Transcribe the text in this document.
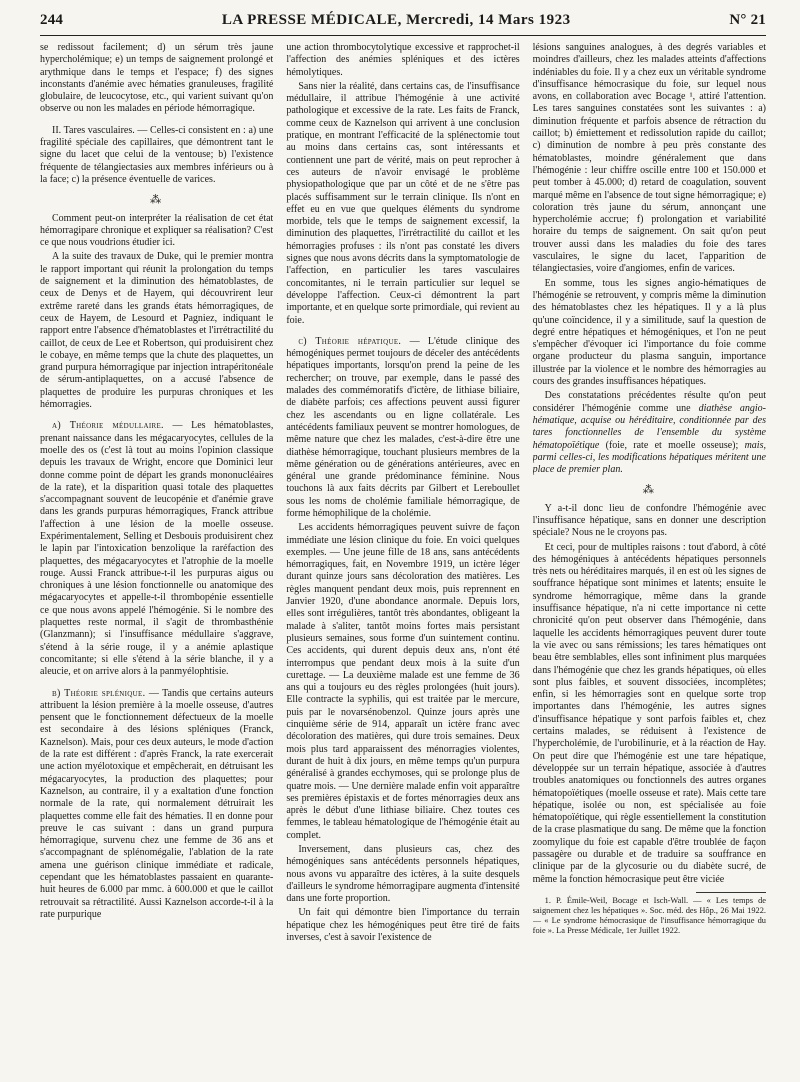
244	LA PRESSE MÉDICALE, Mercredi, 14 Mars 1923	N° 21

se redissout facilement; d) un sérum très jaune hypercholémique; e) un temps de saignement prolongé et arythmique dans le temps et l'espace; f) des signes inconstants d'anémie avec hématies granuleuses, fragilité globulaire, de leucocytose, etc., qui varient suivant qu'on observe ou non les malades en période hémorragique.

II. Tares vasculaires. — Celles-ci consistent en : a) une fragilité spéciale des capillaires, que démontrent tant le signe du lacet que celui de la ventouse; b) l'existence fréquente de télangiectasies aux membres inférieurs ou à la face; c) la présence éventuelle de varices.

⁂

Comment peut-on interpréter la réalisation de cet état hémorragipare chronique et expliquer sa réalisation? C'est ce que nous voudrions étudier ici.

A la suite des travaux de Duke, qui le premier montra le rapport important qui réunit la prolongation du temps de saignement et la diminution des hématoblastes, de ceux de Denys et de Hayem, qui découvrirent leur extrême rareté dans les grands états hémorragiques, de ceux de Hayem, de Lesourd et Pagniez, indiquant le rapport entre l'absence d'hématoblastes et l'irrétractilité du caillot, de ceux de Lee et Robertson, qui produisirent chez le cobaye, en même temps que la chute des plaquettes, un grand purpura hémorragique par injection intrapéritonéale de sérum-antiplaquettes, on a accusé l'absence de plaquettes de produire les purpuras chroniques et les hémorragies.

a) Théorie médullaire. — Les hématoblastes, prenant naissance dans les mégacaryocytes, cellules de la moelle des os (c'est là tout au moins l'opinion classique depuis les travaux de Wright, encore que Dominici leur donne comme point de départ les grands mononucléaires de la rate), et la disparition quasi totale des plaquettes s'accompagnant souvent de leucopénie et d'anémie grave dans les grands purpuras hémorragiques, Franck attribue l'affection à une lésion de la moelle osseuse. Expérimentalement, Selling et Desbouis produisirent chez le lapin par l'intoxication benzolique la raréfaction des plaquettes, des mégacaryocytes et l'atrophie de la moelle rouge. Aussi Franck attribue-t-il les purpuras aigus ou chroniques à une lésion fonctionnelle ou anatomique des mégacaryocytes et appelle-t-il thrombopénie essentielle ce que nous avons appelé l'hémogénie. Si le nombre des plaquettes reste normal, il s'agit de thrombasthénie (Glanzmann); si l'insuffisance médullaire s'aggrave, s'étend à la série rouge, il y a anémie aplastique concomitante; si elle s'étend à la série blanche, il y a aleucie, et on arrive alors à la panmyélophtisie.

b) Théorie splénique. — Tandis que certains auteurs attribuent la lésion première à la moelle osseuse, d'autres pensent que le fonctionnement défectueux de la moelle est secondaire à des lésions spléniques (Franck, Kaznelson). Mais, pour ces deux auteurs, le mode d'action de la rate est différent : d'après Franck, la rate exercerait une action myélotoxique et empêcherait, en détruisant les mégacaryocytes, la production des plaquettes; pour Kaznelson, au contraire, il y a exaltation d'une fonction normale de la rate, qui normalement détruirait les plaquettes comme elle fait des hématies. Il en donne pour preuve le cas suivant : dans un grand purpura hémorragique, survenu chez une femme de 36 ans et s'accompagnant de splénomégalie, l'ablation de la rate amena une guérison clinique immédiate et radicale, cependant que les hématoblastes passaient en quarante-huit heures de 6.000 par mmc. à 600.000 et que le caillot retrouvait sa rétractilité. Aussi Kaznelson accorde-t-il à la rate purpurique

une action thrombocytolytique excessive et rapprochet-il l'affection des anémies spléniques et des ictères hémolytiques.

Sans nier la réalité, dans certains cas, de l'insuffisance médullaire, il attribue l'hémogénie à une activité pathologique et excessive de la rate. Les faits de Franck, comme ceux de Kaznelson qui arrivent à une conclusion pratique, en montrant l'efficacité de la splénectomie tout au moins dans certains cas, sont intéressants et contiennent une part de vérité, mais on peut reprocher à ces auteurs de n'avoir envisagé le problème physiopathologique que par un côté et de ne s'être pas placés suffisamment sur le terrain clinique. Ils n'ont en effet eu en vue que quelques éléments du syndrome morbide, tels que le temps de saignement excessif, la diminution des plaquettes, l'irrétractilité du caillot et les hémorragies profuses : ils n'ont pas constaté les divers signes que nous avons décrits dans la symptomatologie de l'affection, en particulier les tares vasculaires concomitantes, ni le terrain particulier sur lequel se développe l'affection. Ceux-ci démontrent la part importante, et en quelque sorte primordiale, qui revient au foie.

c) Théorie hépatique. — L'étude clinique des hémogéniques permet toujours de déceler des antécédents hépatiques importants, lorsqu'on prend la peine de les rechercher; on trouve, par exemple, dans le passé des malades des commémoratifs d'ictère, de lithiase biliaire, de diabète parfois; ces affections peuvent aussi figurer chez les ascendants ou en ligne collatérale. Les antécédents familiaux peuvent se montrer homologues, de même nature que chez les malades, c'est-à-dire être une diathèse hémorragique, touchant plusieurs membres de la même génération ou de générations antérieures, avec en général une grande prédominance féminine. Nous touchons là aux faits décrits par Gilbert et Lereboullet sous les noms de cholémie familiale hémorragique, de forme hémophilique de la cholémie.

Les accidents hémorragiques peuvent suivre de façon immédiate une lésion clinique du foie. En voici quelques exemples. — Une jeune fille de 18 ans, sans antécédents hémorragiques, fait, en Novembre 1919, un ictère léger durant quinze jours sans décoloration des matières. Les règles manquent pendant deux mois, puis reprennent en Janvier 1920, d'une abondance anormale. Depuis lors, elles sont irrégulières, tantôt très abondantes, obligeant la malade à s'aliter, tantôt moins fortes mais persistant plusieurs semaines, sous forme d'un suintement continu. Ces accidents, qui durent depuis deux ans, n'ont été interrompus que pendant deux mois à la suite d'un curettage. — La deuxième malade est une femme de 36 ans qui a toujours eu des règles prolongées (huit jours). Elle contracte la syphilis, qui est traitée par le mercure, puis par le novarsénobenzol. Quinze jours après une cinquième série de 914, apparaît un ictère franc avec décoloration des matières, qui dure trois semaines. Deux mois plus tard apparaissent des ménorragies violentes, durant de huit à dix jours, en même temps qu'un purpura généralisé à grandes ecchymoses, qui se prolonge plus de quatre mois. — Une dernière malade enfin voit apparaître ses premières épistaxis et de fortes ménorragies deux ans après le début d'une lithiase biliaire. Chez toutes ces femmes, le tableau hématologique de l'hémogénie était au complet.

Inversement, dans plusieurs cas, chez des hémogéniques sans antécédents personnels hépatiques, nous avons vu apparaître des ictères, à la suite desquels d'ailleurs le syndrome hémorragipare augmenta d'intensité dans une forte proportion.

Un fait qui démontre bien l'importance du terrain hépatique chez les hémogéniques peut être tiré de faits inverses, c'est à savoir l'existence de

lésions sanguines analogues, à des degrés variables et moindres d'ailleurs, chez les malades atteints d'affections indéniables du foie. Il y a chez eux un véritable syndrome d'insuffisance hémocrasique du foie, sur lequel nous avons, en collaboration avec Bocage ¹, attiré l'attention. Les tares sanguines constatées sont les suivantes : a) diminution fréquente et parfois absence de rétraction du caillot; b) émiettement et redissolution rapide du caillot; c) diminution de nombre à peu près constante des hématoblastes, moindre généralement que dans l'hémogénie : leur chiffre oscille entre 100 et 150.000 et peut tomber à 45.000; d) retard de coagulation, souvent marqué même en l'absence de tout signe hémorragique; e) coloration très jaune du sérum, annonçant une hypercholémie accrue; f) prolongation et variabilité horaire du temps de saignement. On sait qu'on peut trouver aussi dans les maladies du foie des tares vasculaires, le signe du lacet, l'apparition de télangiectasies, voire d'angiomes, enfin de varices.

En somme, tous les signes angio-hématiques de l'hémogénie se retrouvent, y compris même la diminution des hématoblastes chez les hépatiques. Il y a là plus qu'une coïncidence, il y a similitude, sauf la question de degré entre hépatiques et hémogéniques, et l'on ne peut s'empêcher d'évoquer ici l'importance du foie comme organe producteur du plasma sanguin, importance illustrée par la violence et le nombre des hémorragies au cours des grandes insuffisances hépatiques.

Des constatations précédentes résulte qu'on peut considérer l'hémogénie comme une diathèse angio-hématique, acquise ou héréditaire, conditionnée par des tares fonctionnelles de l'ensemble du système hématopoïétique (foie, rate et moelle osseuse); mais, parmi celles-ci, les modifications hépatiques méritent une place de premier plan.

⁂

Y a-t-il donc lieu de confondre l'hémogénie avec l'insuffisance hépatique, sans en donner une description spéciale? Nous ne le croyons pas.

Et ceci, pour de multiples raisons : tout d'abord, à côté des hémogéniques à antécédents hépatiques personnels très nets ou héréditaires marqués, il en est où les signes de souffrance hépatique sont minimes et latents; ensuite le syndrome hémorragique, même dans la grande insuffisance hépatique, n'a ni cette importance ni cette chronicité qu'on peut observer dans l'hémogénie, dans laquelle les accidents hémorragiques peuvent durer toute la vie avec ou sans rémissions; les tares hématiques ont beau être semblables, elles sont infiniment plus marquées dans l'hémogénie que chez les grands hépatiques, où elles sont plus faibles, et souvent dissociées, incomplètes; enfin, si les hémorragies sont en quelque sorte trop importantes dans l'hémogénie, les autres signes d'insuffisance hépatique y sont parfois faibles et, chez certains malades, se réduisent à l'existence de l'hypercholémie, de l'urobilinurie, et à la réaction de Hay. On peut dire que l'hémogénie est une tare hépatique, développée sur un terrain hépatique, associée à d'autres troubles anatomiques ou fonctionnels des autres organes hématopoïétiques (moelle osseuse et rate). Mais cette tare hépatique, isolée ou non, est spécialisée au foie hématopoïétique, qui règle essentiellement la constitution de la crase plasmatique du sang. De même que la fonction zoomylique du foie est capable d'être troublée de façon passagère ou durable et de traduire sa souffrance en clinique par de la glycosurie ou du diabète sucré, de même la fonction hémocrasique peut être viciée

1. P. Émile-Weil, Bocage et Isch-Wall. — « Les temps de saignement chez les hépatiques ». Soc. méd. des Hôp., 26 Mai 1922. — « Le syndrome hémocrasique de l'insuffisance hémorragique du foie ». La Presse Médicale, 1er Juillet 1922.
